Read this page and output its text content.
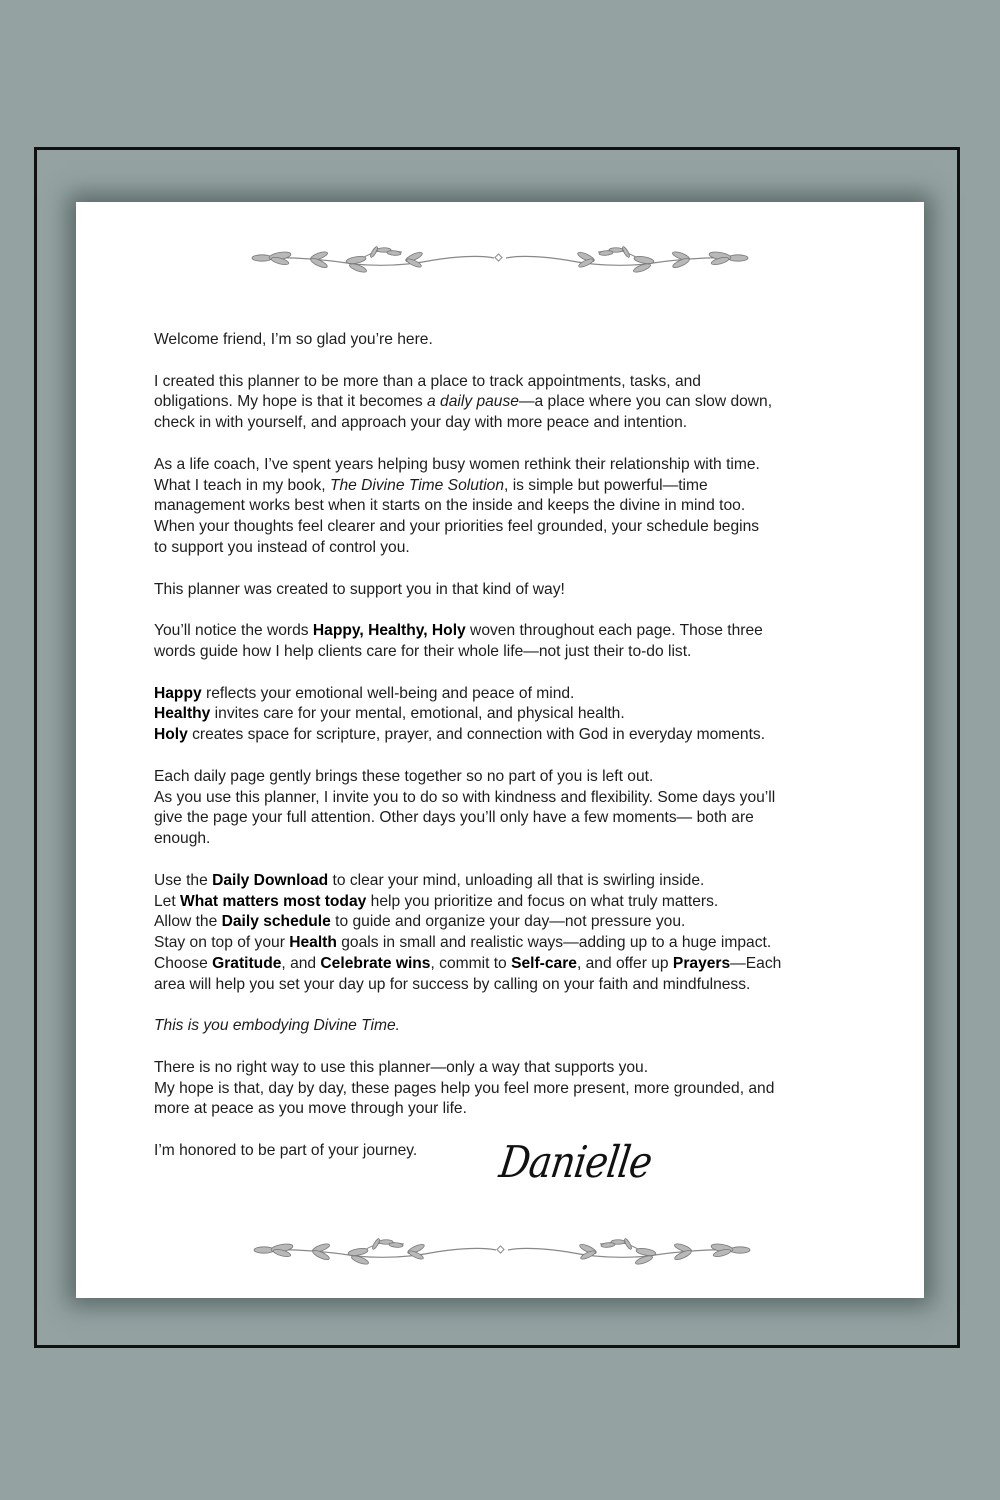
Welcome friend, I’m so glad you’re here.
I created this planner to be more than a place to track appointments, tasks, and
obligations. My hope is that it becomes a daily pause—a place where you can slow down,
check in with yourself, and approach your day with more peace and intention.
As a life coach, I’ve spent years helping busy women rethink their relationship with time.
What I teach in my book, The Divine Time Solution, is simple but powerful—time
management works best when it starts on the inside and keeps the divine in mind too.
When your thoughts feel clearer and your priorities feel grounded, your schedule begins
to support you instead of control you.
This planner was created to support you in that kind of way!
You’ll notice the words Happy, Healthy, Holy woven throughout each page. Those three
words guide how I help clients care for their whole life—not just their to-do list.
Happy reflects your emotional well-being and peace of mind.
Healthy invites care for your mental, emotional, and physical health.
Holy creates space for scripture, prayer, and connection with God in everyday moments.
Each daily page gently brings these together so no part of you is left out.
As you use this planner, I invite you to do so with kindness and flexibility. Some days you’ll
give the page your full attention. Other days you’ll only have a few moments— both are
enough.
Use the Daily Download to clear your mind, unloading all that is swirling inside.
Let What matters most today help you prioritize and focus on what truly matters.
Allow the Daily schedule to guide and organize your day—not pressure you.
Stay on top of your Health goals in small and realistic ways—adding up to a huge impact.
Choose Gratitude, and Celebrate wins, commit to Self-care, and offer up Prayers—Each
area will help you set your day up for success by calling on your faith and mindfulness.
This is you embodying Divine Time.
There is no right way to use this planner—only a way that supports you.
My hope is that, day by day, these pages help you feel more present, more grounded, and
more at peace as you move through your life.
I’m honored to be part of your journey.	Danielle
